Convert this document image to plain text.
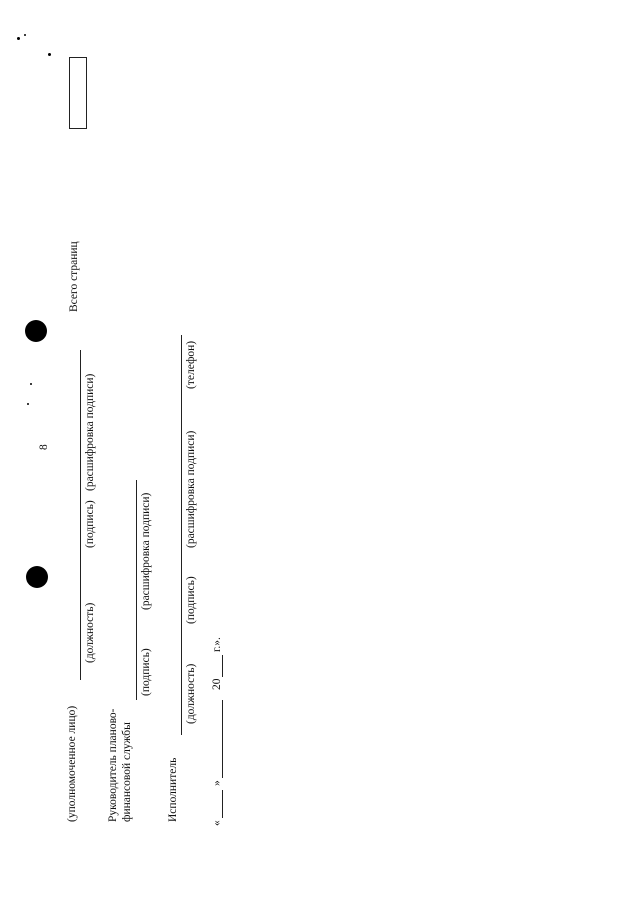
Всего страниц
8
(уполномоченное лицо)
(должность)
(подпись)
(расшифровка подписи)
Руководитель планово- финансовой службы
(подпись)
(расшифровка подписи)
Исполнитель
(должность)
(подпись)
(расшифровка подписи)
(телефон)
«
»
20
г.».
